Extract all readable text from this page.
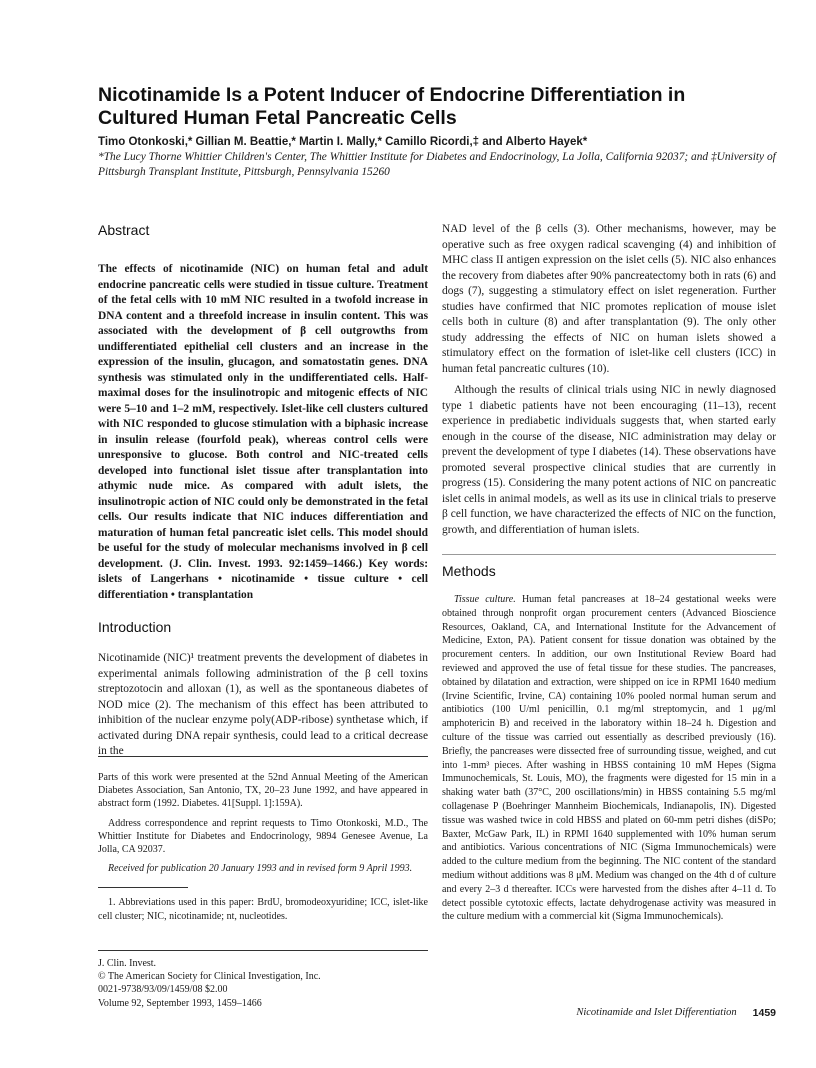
Nicotinamide Is a Potent Inducer of Endocrine Differentiation in Cultured Human Fetal Pancreatic Cells
Timo Otonkoski,* Gillian M. Beattie,* Martin I. Mally,* Camillo Ricordi,‡ and Alberto Hayek*
*The Lucy Thorne Whittier Children's Center, The Whittier Institute for Diabetes and Endocrinology, La Jolla, California 92037; and ‡University of Pittsburgh Transplant Institute, Pittsburgh, Pennsylvania 15260
Abstract

The effects of nicotinamide (NIC) on human fetal and adult endocrine pancreatic cells were studied in tissue culture. Treatment of the fetal cells with 10 mM NIC resulted in a twofold increase in DNA content and a threefold increase in insulin content. This was associated with the development of β cell outgrowths from undifferentiated epithelial cell clusters and an increase in the expression of the insulin, glucagon, and somatostatin genes. DNA synthesis was stimulated only in the undifferentiated cells. Half-maximal doses for the insulinotropic and mitogenic effects of NIC were 5–10 and 1–2 mM, respectively. Islet-like cell clusters cultured with NIC responded to glucose stimulation with a biphasic increase in insulin release (fourfold peak), whereas control cells were unresponsive to glucose. Both control and NIC-treated cells developed into functional islet tissue after transplantation into athymic nude mice. As compared with adult islets, the insulinotropic action of NIC could only be demonstrated in the fetal cells. Our results indicate that NIC induces differentiation and maturation of human fetal pancreatic islet cells. This model should be useful for the study of molecular mechanisms involved in β cell development. (J. Clin. Invest. 1993. 92:1459–1466.) Key words: islets of Langerhans • nicotinamide • tissue culture • cell differentiation • transplantation

Introduction

Nicotinamide (NIC)¹ treatment prevents the development of diabetes in experimental animals following administration of the β cell toxins streptozotocin and alloxan (1), as well as the spontaneous diabetes of NOD mice (2). The mechanism of this effect has been attributed to inhibition of the nuclear enzyme poly(ADP-ribose) synthetase which, if activated during DNA repair synthesis, could lead to a critical decrease in the

Parts of this work were presented at the 52nd Annual Meeting of the American Diabetes Association, San Antonio, TX, 20–23 June 1992, and have appeared in abstract form (1992. Diabetes. 41[Suppl. 1]:159A).

Address correspondence and reprint requests to Timo Otonkoski, M.D., The Whittier Institute for Diabetes and Endocrinology, 9894 Genesee Avenue, La Jolla, CA 92037.

Received for publication 20 January 1993 and in revised form 9 April 1993.

1. Abbreviations used in this paper: BrdU, bromodeoxyuridine; ICC, islet-like cell cluster; NIC, nicotinamide; nt, nucleotides.

J. Clin. Invest.

© The American Society for Clinical Investigation, Inc.

0021-9738/93/09/1459/08 $2.00

Volume 92, September 1993, 1459–1466

NAD level of the β cells (3). Other mechanisms, however, may be operative such as free oxygen radical scavenging (4) and inhibition of MHC class II antigen expression on the islet cells (5). NIC also enhances the recovery from diabetes after 90% pancreatectomy both in rats (6) and dogs (7), suggesting a stimulatory effect on islet regeneration. Further studies have confirmed that NIC promotes replication of mouse islet cells both in culture (8) and after transplantation (9). The only other study addressing the effects of NIC on human islets showed a stimulatory effect on the formation of islet-like cell clusters (ICC) in human fetal pancreatic cultures (10).

Although the results of clinical trials using NIC in newly diagnosed type 1 diabetic patients have not been encouraging (11–13), recent experience in prediabetic individuals suggests that, when started early enough in the course of the disease, NIC administration may delay or prevent the development of type I diabetes (14). These observations have promoted several prospective clinical studies that are currently in progress (15). Considering the many potent actions of NIC on pancreatic islet cells in animal models, as well as its use in clinical trials to preserve β cell function, we have characterized the effects of NIC on the function, growth, and differentiation of human islets.

Methods

Tissue culture. Human fetal pancreases at 18–24 gestational weeks were obtained through nonprofit organ procurement centers (Advanced Bioscience Resources, Oakland, CA, and International Institute for the Advancement of Medicine, Exton, PA). Patient consent for tissue donation was obtained by the procurement centers. In addition, our own Institutional Review Board had reviewed and approved the use of fetal tissue for these studies. The pancreases, obtained by dilatation and extraction, were shipped on ice in RPMI 1640 medium (Irvine Scientific, Irvine, CA) containing 10% pooled normal human serum and antibiotics (100 U/ml penicillin, 0.1 mg/ml streptomycin, and 1 μg/ml amphotericin B) and received in the laboratory within 18–24 h. Digestion and culture of the tissue was carried out essentially as described previously (16). Briefly, the pancreases were dissected free of surrounding tissue, weighed, and cut into 1-mm³ pieces. After washing in HBSS containing 10 mM Hepes (Sigma Immunochemicals, St. Louis, MO), the fragments were digested for 15 min in a shaking water bath (37°C, 200 oscillations/min) in HBSS containing 5.5 mg/ml collagenase P (Boehringer Mannheim Biochemicals, Indianapolis, IN). Digested tissue was washed twice in cold HBSS and plated on 60-mm petri dishes (diSPo; Baxter, McGaw Park, IL) in RPMI 1640 supplemented with 10% human serum and antibiotics. Various concentrations of NIC (Sigma Immunochemicals) were added to the culture medium from the beginning. The NIC content of the standard medium without additions was 8 μM. Medium was changed on the 4th d of culture and every 2–3 d thereafter. ICCs were harvested from the dishes after 4–11 d. To detect possible cytotoxic effects, lactate dehydrogenase activity was measured in the culture medium with a commercial kit (Sigma Immunochemicals).

Nicotinamide and Islet Differentiation 1459
